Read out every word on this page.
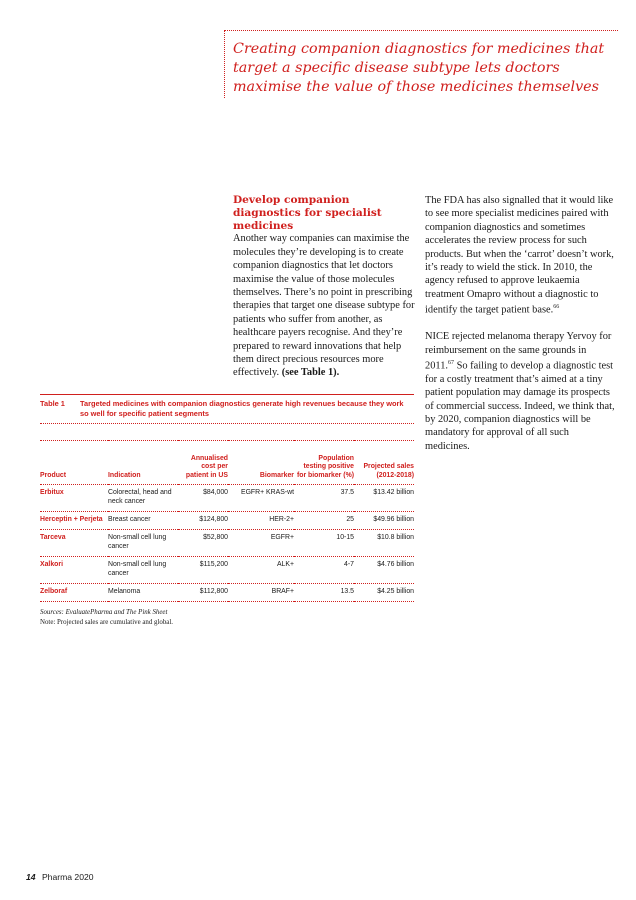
Creating companion diagnostics for medicines that target a specific disease subtype lets doctors maximise the value of those medicines themselves
Develop companion diagnostics for specialist medicines

Another way companies can maximise the molecules they’re developing is to create companion diagnostics that let doctors maximise the value of those molecules themselves. There’s no point in prescribing therapies that target one disease subtype for patients who suffer from another, as healthcare payers recognise. And they’re prepared to reward innovations that help them direct precious resources more effectively. (see Table 1).

The FDA has also signalled that it would like to see more specialist medicines paired with companion diagnostics and sometimes accelerates the review process for such products. But when the ‘carrot’ doesn’t work, it’s ready to wield the stick. In 2010, the agency refused to approve leukaemia treatment Omapro without a diagnostic to identify the target patient base.$^{66}$

NICE rejected melanoma therapy Yervoy for reimbursement on the same grounds in 2011.67 So failing to develop a diagnostic test for a costly treatment that’s aimed at a tiny patient population may damage its prospects of commercial success. Indeed, we think that, by 2020, companion diagnostics will be mandatory for approval of all such medicines.

Table 1	Targeted medicines with companion diagnostics generate high revenues because they work so well for specific patient segments
Product	Indication	Annualised cost per patient in US	Biomarker	Population testing positive for biomarker (%)	Projected sales (2012-2018)
Erbitux	Colorectal, head and neck cancer	$84,000	EGFR+ KRAS-wt	37.5	$13.42 billion
Herceptin + Perjeta	Breast cancer	$124,800	HER-2+	25	$49.96 billion
Tarceva	Non-small cell lung cancer	$52,800	EGFR+	10-15	$10.8 billion
Xalkori	Non-small cell lung cancer	$115,200	ALK+	4-7	$4.76 billion
Zelboraf	Melanoma	$112,800	BRAF+	13.5	$4.25 billion
Sources: EvaluatePharma and The Pink Sheet
Note: Projected sales are cumulative and global.
14 Pharma 2020
